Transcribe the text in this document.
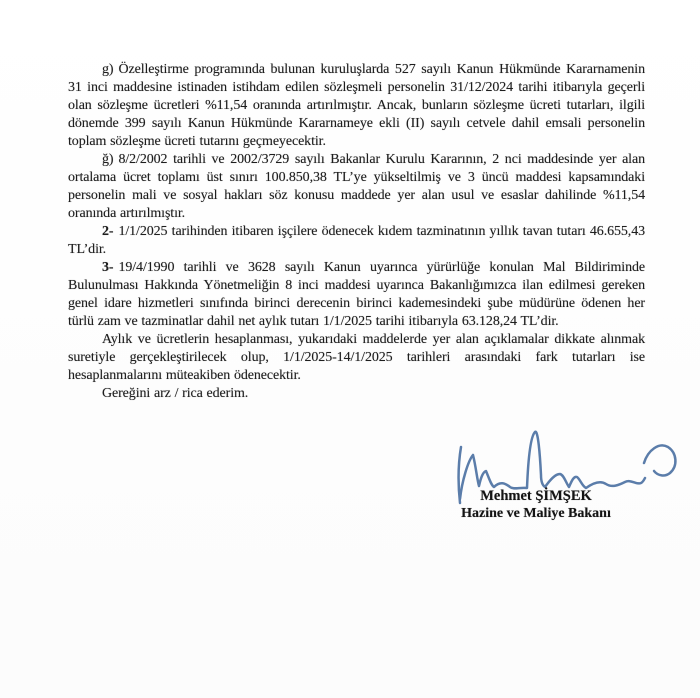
g) Özelleştirme programında bulunan kuruluşlarda 527 sayılı Kanun Hükmünde Kararnamenin 31 inci maddesine istinaden istihdam edilen sözleşmeli personelin 31/12/2024 tarihi itibarıyla geçerli olan sözleşme ücretleri %11,54 oranında artırılmıştır. Ancak, bunların sözleşme ücreti tutarları, ilgili dönemde 399 sayılı Kanun Hükmünde Kararnameye ekli (II) sayılı cetvele dahil emsali personelin toplam sözleşme ücreti tutarını geçmeyecektir.

ğ) 8/2/2002 tarihli ve 2002/3729 sayılı Bakanlar Kurulu Kararının, 2 nci maddesinde yer alan ortalama ücret toplamı üst sınırı 100.850,38 TL’ye yükseltilmiş ve 3 üncü maddesi kapsamındaki personelin mali ve sosyal hakları söz konusu maddede yer alan usul ve esaslar dahilinde %11,54 oranında artırılmıştır.

2- 1/1/2025 tarihinden itibaren işçilere ödenecek kıdem tazminatının yıllık tavan tutarı 46.655,43 TL’dir.

3- 19/4/1990 tarihli ve 3628 sayılı Kanun uyarınca yürürlüğe konulan Mal Bildiriminde Bulunulması Hakkında Yönetmeliğin 8 inci maddesi uyarınca Bakanlığımızca ilan edilmesi gereken genel idare hizmetleri sınıfında birinci derecenin birinci kademesindeki şube müdürüne ödenen her türlü zam ve tazminatlar dahil net aylık tutarı 1/1/2025 tarihi itibarıyla 63.128,24 TL’dir.

Aylık ve ücretlerin hesaplanması, yukarıdaki maddelerde yer alan açıklamalar dikkate alınmak suretiyle gerçekleştirilecek olup, 1/1/2025-14/1/2025 tarihleri arasındaki fark tutarları ise hesaplanmalarını müteakiben ödenecektir.

Gereğini arz / rica ederim.

Mehmet ŞİMŞEK
Hazine ve Maliye Bakanı
